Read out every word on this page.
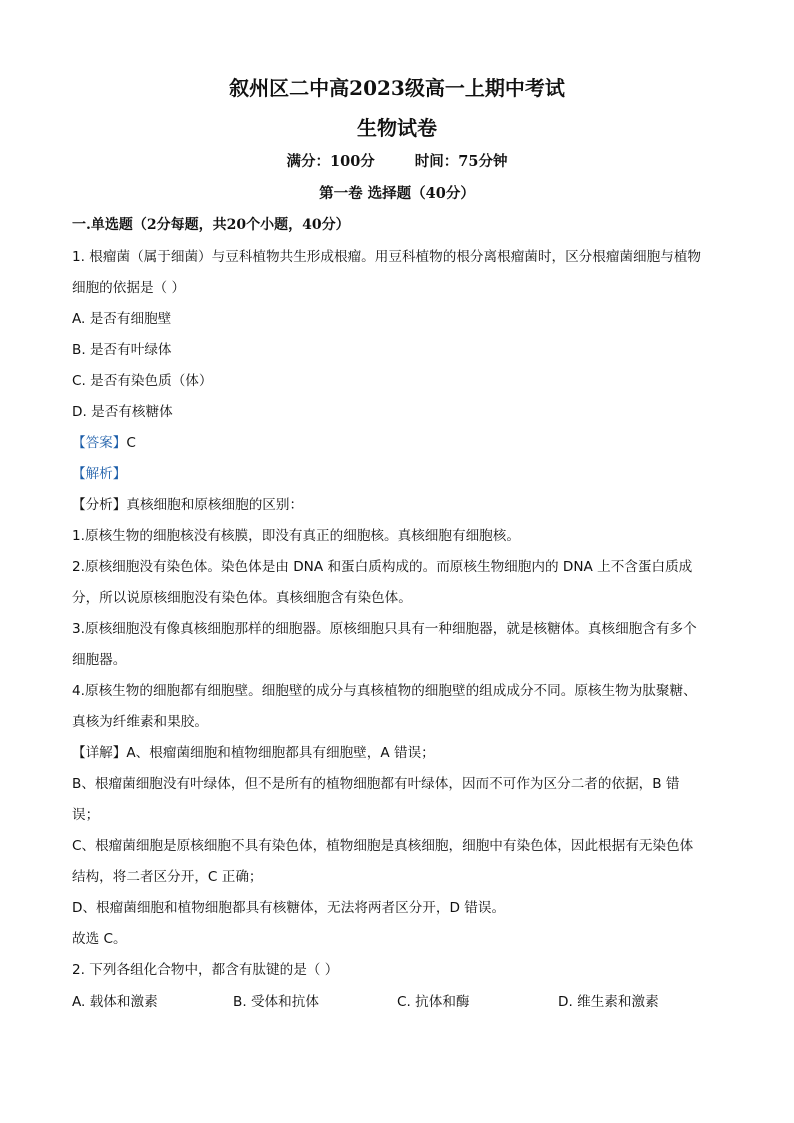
叙州区二中高2023级高一上期中考试
生物试卷
满分：100分	时间：75分钟
第一卷 选择题（40分）
一.单选题（2分每题，共20个小题，40分）
1. 根瘤菌（属于细菌）与豆科植物共生形成根瘤。用豆科植物的根分离根瘤菌时，区分根瘤菌细胞与植物
细胞的依据是（ ）
A. 是否有细胞壁
B. 是否有叶绿体
C. 是否有染色质（体）
D. 是否有核糖体
【答案】C
【解析】
【分析】真核细胞和原核细胞的区别：
1.原核生物的细胞核没有核膜，即没有真正的细胞核。真核细胞有细胞核。
2.原核细胞没有染色体。染色体是由 DNA 和蛋白质构成的。而原核生物细胞内的 DNA 上不含蛋白质成
分，所以说原核细胞没有染色体。真核细胞含有染色体。
3.原核细胞没有像真核细胞那样的细胞器。原核细胞只具有一种细胞器，就是核糖体。真核细胞含有多个
细胞器。
4.原核生物的细胞都有细胞壁。细胞壁的成分与真核植物的细胞壁的组成成分不同。原核生物为肽聚糖、
真核为纤维素和果胶。
【详解】A、根瘤菌细胞和植物细胞都具有细胞壁，A 错误；
B、根瘤菌细胞没有叶绿体，但不是所有的植物细胞都有叶绿体，因而不可作为区分二者的依据，B 错
误；
C、根瘤菌细胞是原核细胞不具有染色体，植物细胞是真核细胞，细胞中有染色体，因此根据有无染色体
结构，将二者区分开，C 正确；
D、根瘤菌细胞和植物细胞都具有核糖体，无法将两者区分开，D 错误。
故选 C。
2. 下列各组化合物中，都含有肽键的是（ ）
A. 载体和激素	B. 受体和抗体	C. 抗体和酶	D. 维生素和激素
